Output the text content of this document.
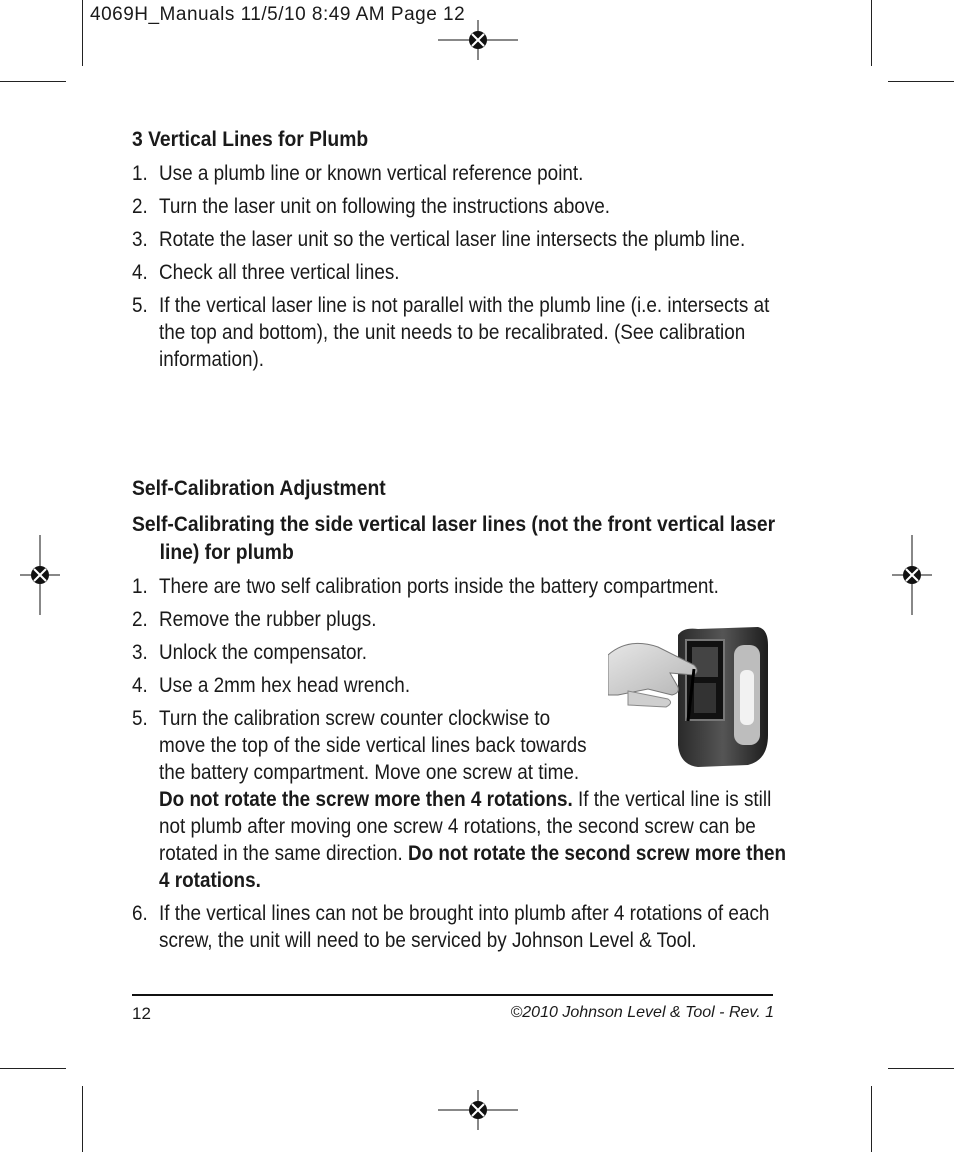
4069H_Manuals 11/5/10 8:49 AM Page 12
3 Vertical Lines for Plumb
1. Use a plumb line or known vertical reference point.
2. Turn the laser unit on following the instructions above.
3. Rotate the laser unit so the vertical laser line intersects the plumb line.
4. Check all three vertical lines.
5. If the vertical laser line is not parallel with the plumb line (i.e. intersects at the top and bottom), the unit needs to be recalibrated. (See calibration information).
Self-Calibration Adjustment
Self-Calibrating the side vertical laser lines (not the front vertical laser line) for plumb
1. There are two self calibration ports inside the battery compartment.
2. Remove the rubber plugs.
3. Unlock the compensator.
4. Use a 2mm hex head wrench.
5. Turn the calibration screw counter clockwise to
move the top of the side vertical lines back towards
the battery compartment. Move one screw at time.
Do not rotate the screw more then 4 rotations. If the vertical line is still not plumb after moving one screw 4 rotations, the second screw can be rotated in the same direction. Do not rotate the second screw more then 4 rotations.
6. If the vertical lines can not be brought into plumb after 4 rotations of each screw, the unit will need to be serviced by Johnson Level & Tool.
12	©2010 Johnson Level & Tool - Rev. 1
